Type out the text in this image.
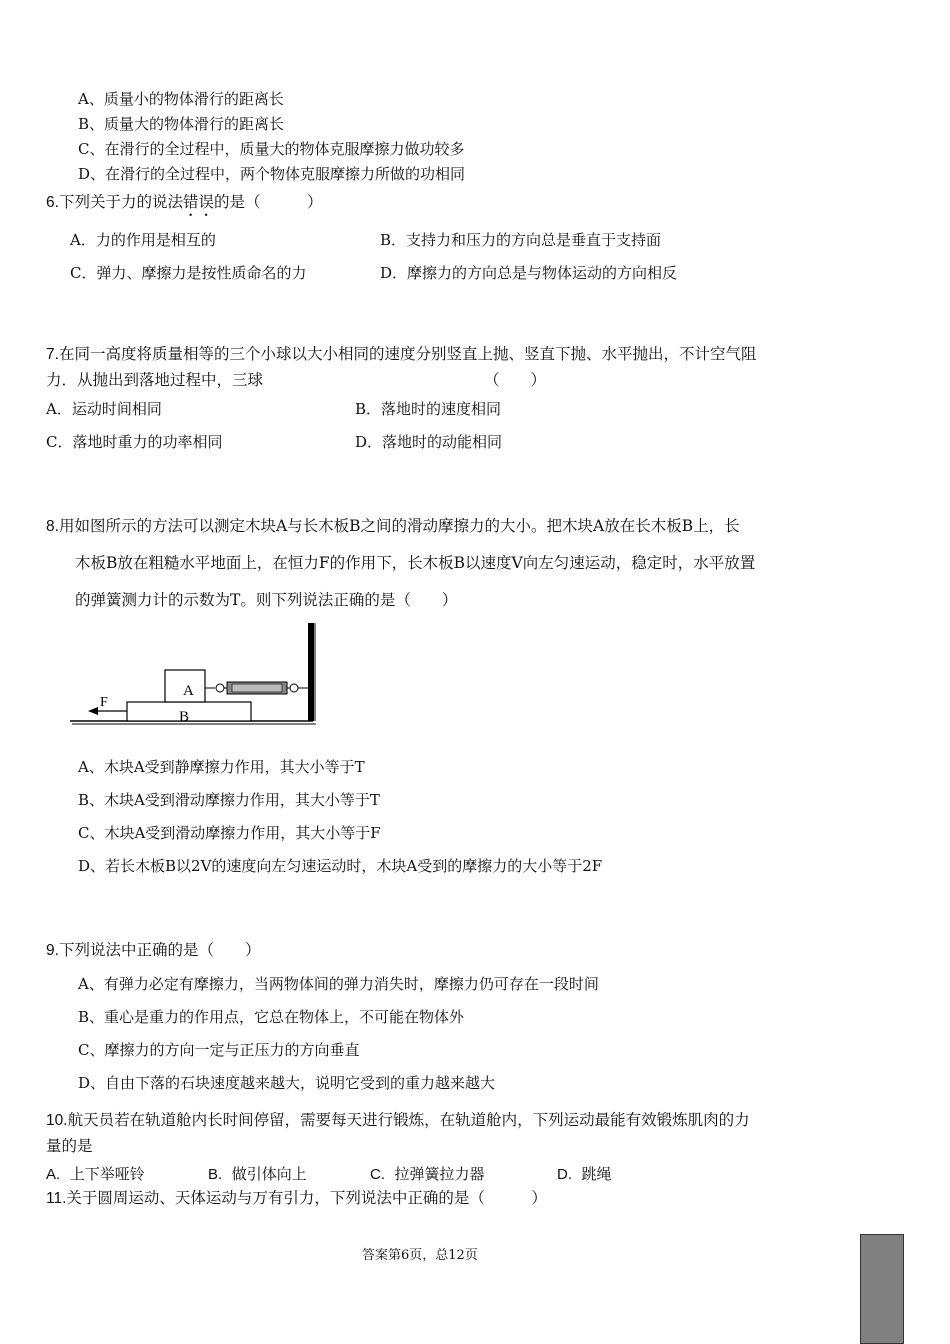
A、质量小的物体滑行的距离长
B、质量大的物体滑行的距离长
C、在滑行的全过程中，质量大的物体克服摩擦力做功较多
D、在滑行的全过程中，两个物体克服摩擦力所做的功相同
6.下列关于力的说法错误的是（　　　）
A．力的作用是相互的	B．支持力和压力的方向总是垂直于支持面
C．弹力、摩擦力是按性质命名的力	D．摩擦力的方向总是与物体运动的方向相反
7.在同一高度将质量相等的三个小球以大小相同的速度分别竖直上抛、竖直下抛、水平抛出，不计空气阻
力．从抛出到落地过程中，三球	（　　）
A．运动时间相同	B．落地时的速度相同
C．落地时重力的功率相同	D．落地时的动能相同
8.用如图所示的方法可以测定木块A与长木板B之间的滑动摩擦力的大小。把木块A放在长木板B上，长
木板B放在粗糙水平地面上，在恒力F的作用下，长木板B以速度V向左匀速运动，稳定时，水平放置
的弹簧测力计的示数为T。则下列说法正确的是（　　）
A
B
F
A、木块A受到静摩擦力作用，其大小等于T
B、木块A受到滑动摩擦力作用，其大小等于T
C、木块A受到滑动摩擦力作用，其大小等于F
D、若长木板B以2V的速度向左匀速运动时，木块A受到的摩擦力的大小等于2F
9.下列说法中正确的是（　　）
A、有弹力必定有摩擦力，当两物体间的弹力消失时，摩擦力仍可存在一段时间
B、重心是重力的作用点，它总在物体上，不可能在物体外
C、摩擦力的方向一定与正压力的方向垂直
D、自由下落的石块速度越来越大，说明它受到的重力越来越大
10.航天员若在轨道舱内长时间停留，需要每天进行锻炼，在轨道舱内，下列运动最能有效锻炼肌肉的力
量的是
A. 上下举哑铃	B. 做引体向上	C. 拉弹簧拉力器	D. 跳绳
11.关于圆周运动、天体运动与万有引力，下列说法中正确的是（　　　）
答案第6页，总12页
